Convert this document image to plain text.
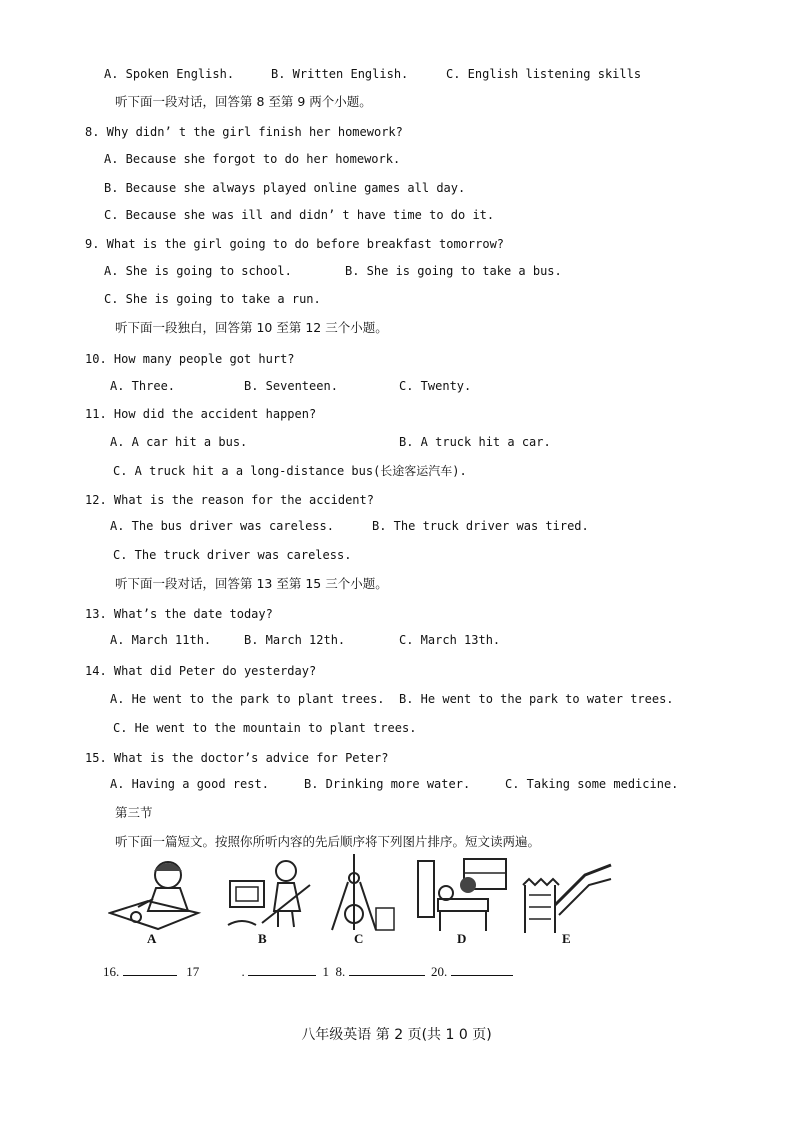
A. Spoken English.	B. Written English.	C. English listening skills
听下面一段对话，回答第 8 至第 9 两个小题。
8. Why didn’ t the girl finish her homework?
A. Because she forgot to do her homework.
B. Because she always played online games all day.
C. Because she was ill and didn’ t have time to do it.
9. What is the girl going to do before breakfast tomorrow?
A. She is going to school.	B. She is going to take a bus.
C. She is going to take a run.
听下面一段独白，回答第 10 至第 12 三个小题。
10. How many people got hurt?
A. Three.	B. Seventeen.	C. Twenty.
11. How did the accident happen?
A. A car hit a bus.	B. A truck hit a car.
C. A truck hit a a long-distance bus(长途客运汽车).
12. What is the reason for the accident?
A. The bus driver was careless.	B. The truck driver was tired.
C. The truck driver was careless.
听下面一段对话，回答第 13 至第 15 三个小题。
13. What’s the date today?
A. March 11th.	B. March 12th.	C. March 13th.
14. What did Peter do yesterday?
A. He went to the park to plant trees. B. He went to the park to water trees.
C. He went to the mountain to plant trees.
15. What is the doctor’s advice for Peter?
A. Having a good rest.	B. Drinking more water.	C. Taking some medicine.
第三节
听下面一篇短文。按照你所听内容的先后顺序将下列图片排序。短文读两遍。
A	B	C	D	E
16.	17	.	1 8.	20.
八年级英语 第 2 页(共 1 0 页)
